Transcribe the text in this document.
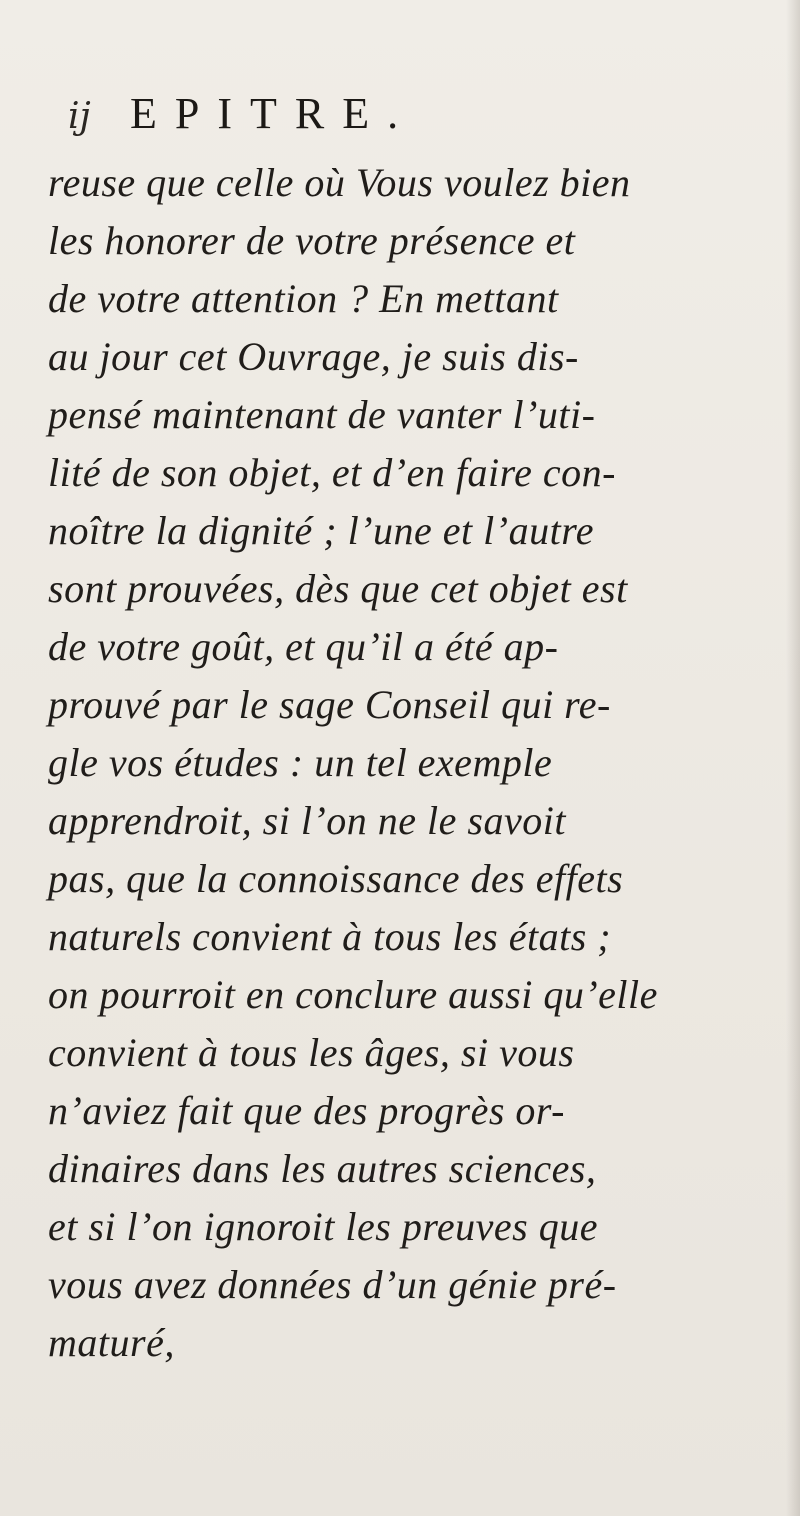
ij EPITRE.
reuse que celle où Vous voulez bien
les honorer de votre présence et
de votre attention ? En mettant
au jour cet Ouvrage, je suis dis-
pensé maintenant de vanter l’uti-
lité de son objet, et d’en faire con-
noître la dignité ; l’une et l’autre
sont prouvées, dès que cet objet est
de votre goût, et qu’il a été ap-
prouvé par le sage Conseil qui re-
gle vos études : un tel exemple
apprendroit, si l’on ne le savoit
pas, que la connoissance des effets
naturels convient à tous les états ;
on pourroit en conclure aussi qu’elle
convient à tous les âges, si vous
n’aviez fait que des progrès or-
dinaires dans les autres sciences,
et si l’on ignoroit les preuves que
vous avez données d’un génie pré-
maturé,
